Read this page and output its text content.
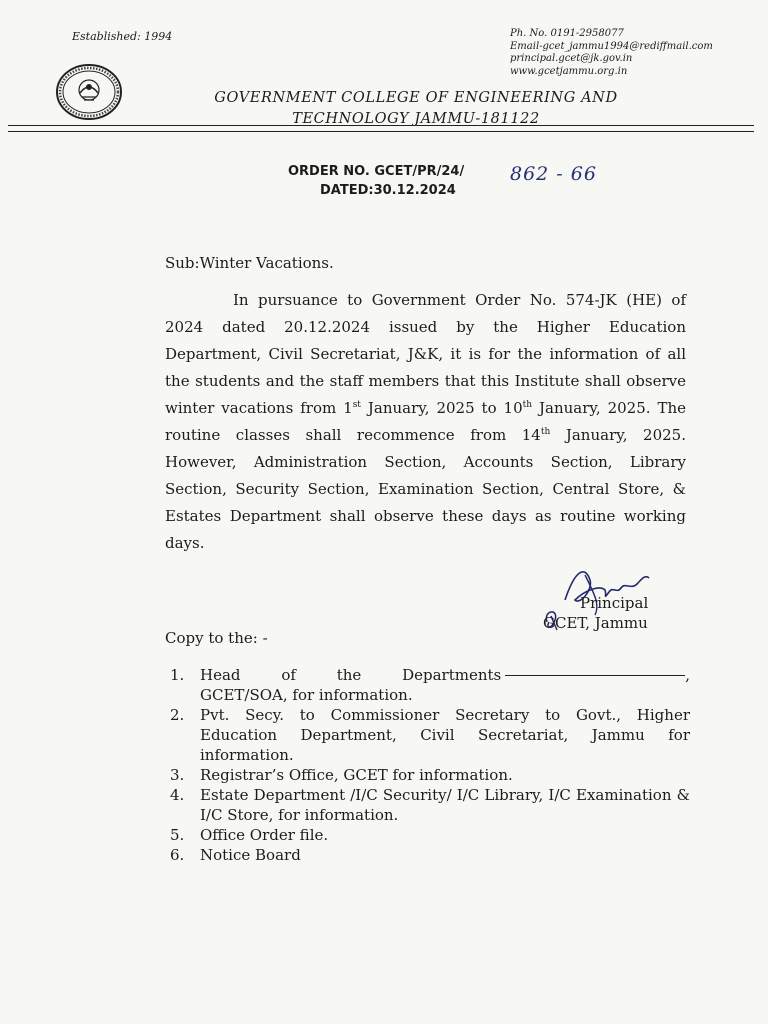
Established: 1994	Ph. No. 0191-2958077
Email-gcet_jammu1994@rediffmail.com
principal.gcet@jk.gov.in
www.gcetjammu.org.in
GOVERNMENT COLLEGE OF ENGINEERING AND
TECHNOLOGY JAMMU-181122
ORDER NO. GCET/PR/24/ 862 - 66
DATED:30.12.2024
Sub:Winter Vacations.
In pursuance to Government Order No. 574-JK (HE) of 2024 dated 20.12.2024 issued by the Higher Education Department, Civil Secretariat, J&K, it is for the information of all the students and the staff members that this Institute shall observe winter vacations from 1st January, 2025 to 10th January, 2025. The routine classes shall recommence from 14th January, 2025. However, Administration Section, Accounts Section, Library Section, Security Section, Examination Section, Central Store, & Estates Department shall observe these days as routine working days.
Principal
GCET, Jammu
Copy to the: -
1. Head of the Departments	, GCET/SOA, for information.
2. Pvt. Secy. to Commissioner Secretary to Govt., Higher Education Department, Civil Secretariat, Jammu for information.
3. Registrar’s Office, GCET for information.
4. Estate Department /I/C Security/ I/C Library, I/C Examination & I/C Store, for information.
5. Office Order file.
6. Notice Board
